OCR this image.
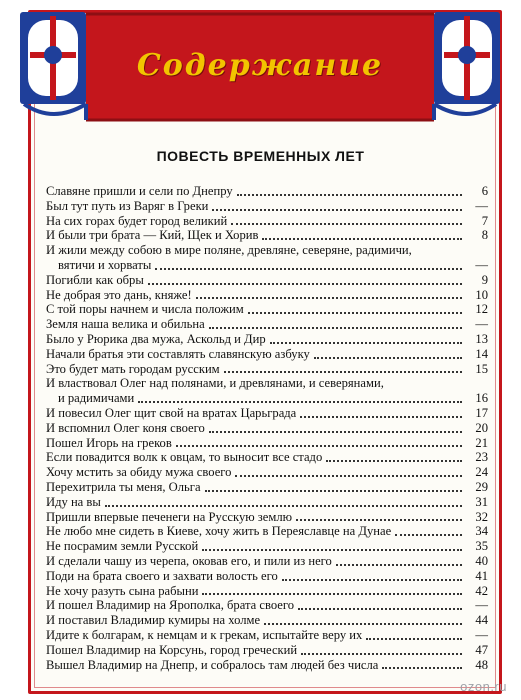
Содержание
ПОВЕСТЬ ВРЕМЕННЫХ ЛЕТ
Славяне пришли и сели по Днепру	6
Был тут путь из Варяг в Греки	—
На сих горах будет город великий	7
И были три брата — Кий, Щек и Хорив	8
И жили между собою в мире поляне, древляне, северяне, радимичи,
вятичи и хорваты	—
Погибли как обры	9
Не добрая это дань, княже!	10
С той поры начнем и числа положим	12
Земля наша велика и обильна	—
Было у Рюрика два мужа, Аскольд и Дир	13
Начали братья эти составлять славянскую азбуку	14
Это будет мать городам русским	15
И властвовал Олег над полянами, и древлянами, и северянами,
и радимичами	16
И повесил Олег щит свой на вратах Царьграда	17
И вспомнил Олег коня своего	20
Пошел Игорь на греков	21
Если повадится волк к овцам, то выносит все стадо	23
Хочу мстить за обиду мужа своего	24
Перехитрила ты меня, Ольга	29
Иду на вы	31
Пришли впервые печенеги на Русскую землю	32
Не любо мне сидеть в Киеве, хочу жить в Переяславце на Дунае	34
Не посрамим земли Русской	35
И сделали чашу из черепа, оковав его, и пили из него	40
Поди на брата своего и захвати волость его	41
Не хочу разуть сына рабыни	42
И пошел Владимир на Ярополка, брата своего	—
И поставил Владимир кумиры на холме	44
Идите к болгарам, к немцам и к грекам, испытайте веру их	—
Пошел Владимир на Корсунь, город греческий	47
Вышел Владимир на Днепр, и собралось там людей без числа	48
ozon.ru
